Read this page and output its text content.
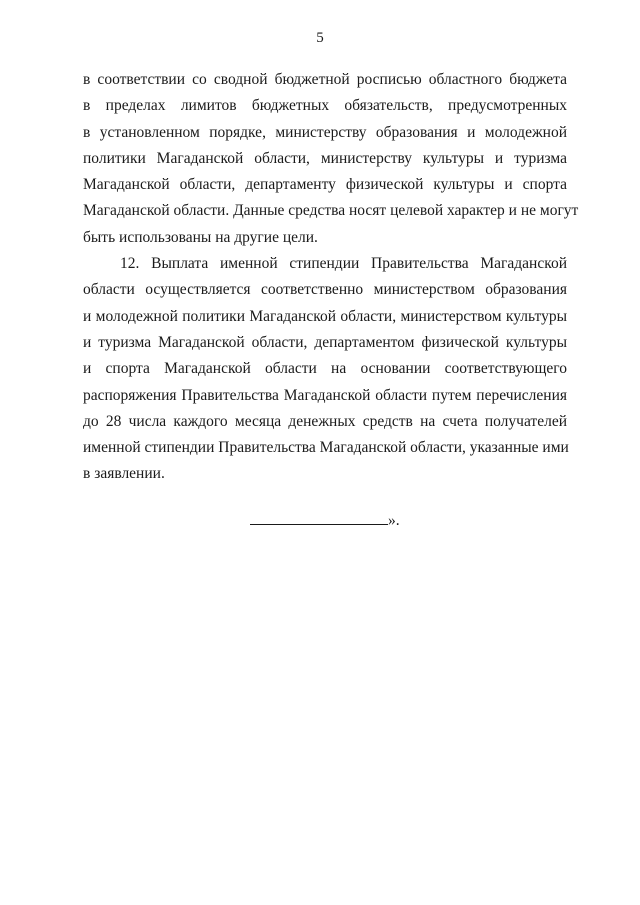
5
в соответствии со сводной бюджетной росписью областного бюджета
в пределах лимитов бюджетных обязательств, предусмотренных
в установленном порядке, министерству образования и молодежной
политики Магаданской области, министерству культуры и туризма
Магаданской области, департаменту физической культуры и спорта
Магаданской области. Данные средства носят целевой характер и не могут
быть использованы на другие цели.
12. Выплата именной стипендии Правительства Магаданской
области осуществляется соответственно министерством образования
и молодежной политики Магаданской области, министерством культуры
и туризма Магаданской области, департаментом физической культуры
и спорта Магаданской области на основании соответствующего
распоряжения Правительства Магаданской области путем перечисления
до 28 числа каждого месяца денежных средств на счета получателей
именной стипендии Правительства Магаданской области, указанные ими
в заявлении.
».
